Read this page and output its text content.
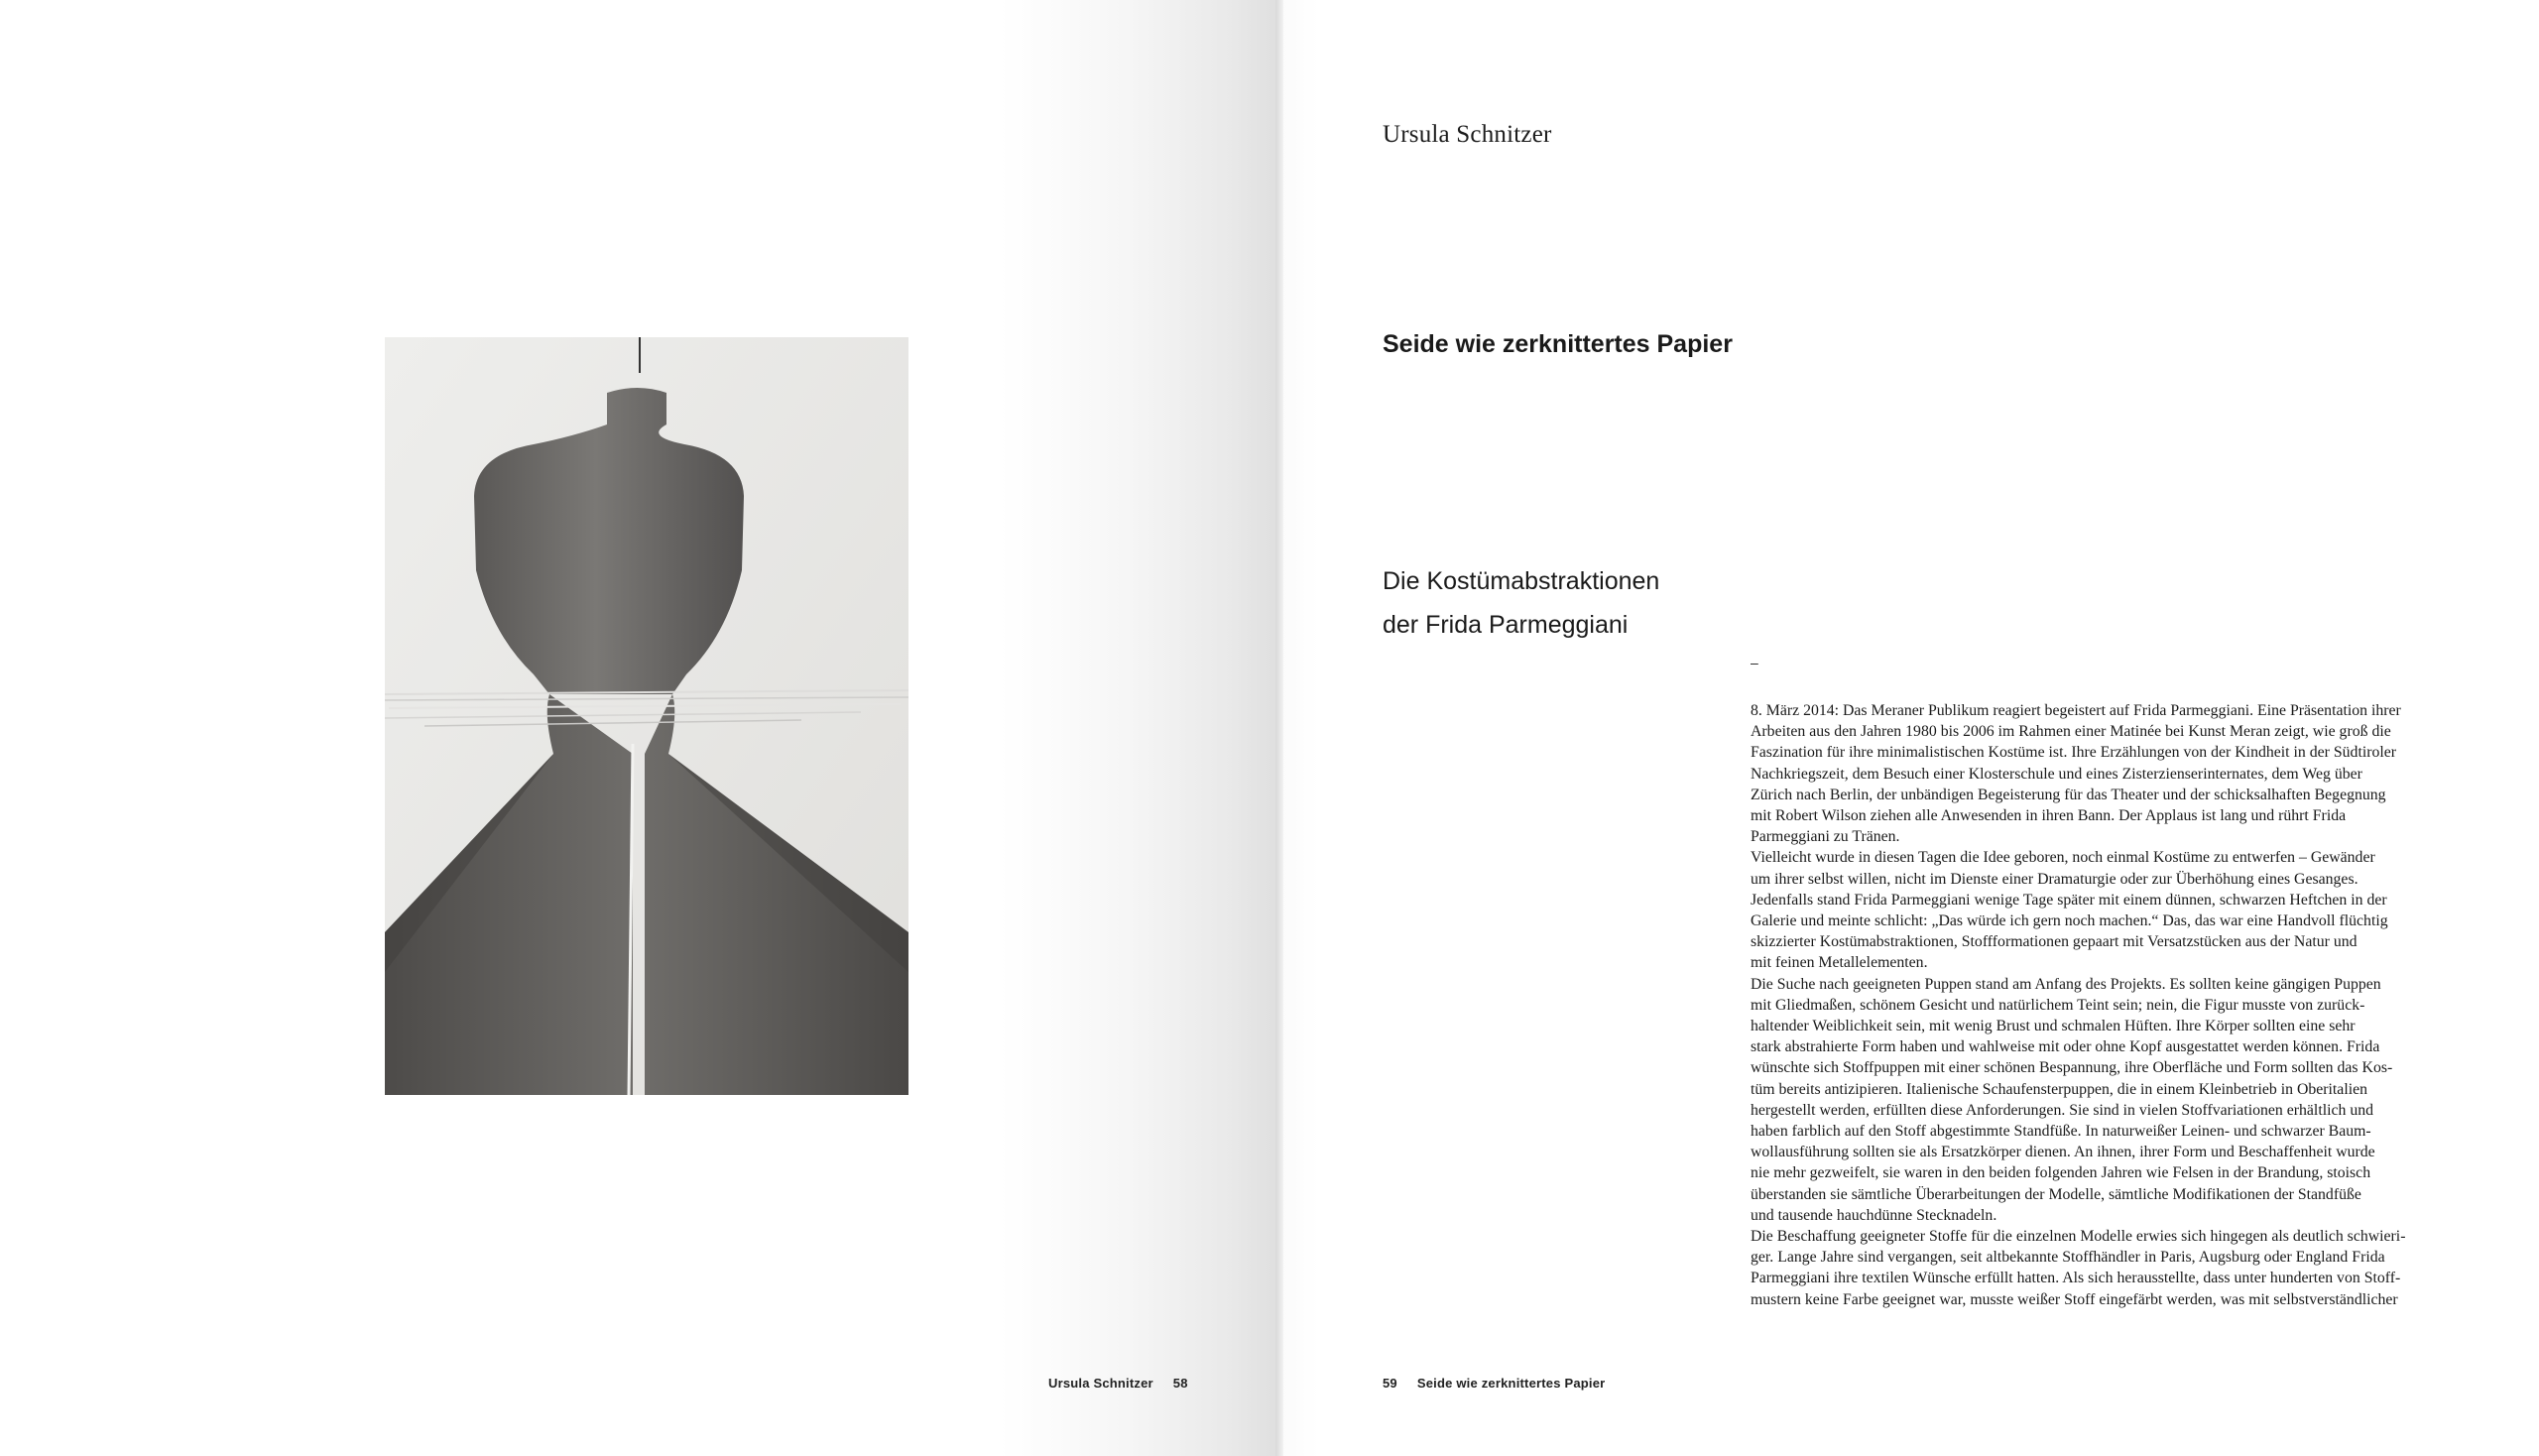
Ursula Schnitzer 58
Ursula Schnitzer
Seide wie zerknittertes Papier
Die Kostümabstraktionen
der Frida Parmeggiani
–
8. März 2014: Das Meraner Publikum reagiert begeistert auf Frida Parmeggiani. Eine Präsentation ihrer
Arbeiten aus den Jahren 1980 bis 2006 im Rahmen einer Matinée bei Kunst Meran zeigt, wie groß die
Faszination für ihre minimalistischen Kostüme ist. Ihre Erzählungen von der Kindheit in der Südtiroler
Nachkriegszeit, dem Besuch einer Klosterschule und eines Zisterzienserinternates, dem Weg über
Zürich nach Berlin, der unbändigen Begeisterung für das Theater und der schicksalhaften Begegnung
mit Robert Wilson ziehen alle Anwesenden in ihren Bann. Der Applaus ist lang und rührt Frida
Parmeggiani zu Tränen.
Vielleicht wurde in diesen Tagen die Idee geboren, noch einmal Kostüme zu entwerfen – Gewänder
um ihrer selbst willen, nicht im Dienste einer Dramaturgie oder zur Überhöhung eines Gesanges.
Jedenfalls stand Frida Parmeggiani wenige Tage später mit einem dünnen, schwarzen Heftchen in der
Galerie und meinte schlicht: „Das würde ich gern noch machen.“ Das, das war eine Handvoll flüchtig
skizzierter Kostümabstraktionen, Stoffformationen gepaart mit Versatzstücken aus der Natur und
mit feinen Metallelementen.
Die Suche nach geeigneten Puppen stand am Anfang des Projekts. Es sollten keine gängigen Puppen
mit Gliedmaßen, schönem Gesicht und natürlichem Teint sein; nein, die Figur musste von zurück-
haltender Weiblichkeit sein, mit wenig Brust und schmalen Hüften. Ihre Körper sollten eine sehr
stark abstrahierte Form haben und wahlweise mit oder ohne Kopf ausgestattet werden können. Frida
wünschte sich Stoffpuppen mit einer schönen Bespannung, ihre Oberfläche und Form sollten das Kos-
tüm bereits antizipieren. Italienische Schaufensterpuppen, die in einem Kleinbetrieb in Oberitalien
hergestellt werden, erfüllten diese Anforderungen. Sie sind in vielen Stoffvariationen erhältlich und
haben farblich auf den Stoff abgestimmte Standfüße. In naturweißer Leinen- und schwarzer Baum-
wollausführung sollten sie als Ersatzkörper dienen. An ihnen, ihrer Form und Beschaffenheit wurde
nie mehr gezweifelt, sie waren in den beiden folgenden Jahren wie Felsen in der Brandung, stoisch
überstanden sie sämtliche Überarbeitungen der Modelle, sämtliche Modifikationen der Standfüße
und tausende hauchdünne Stecknadeln.
Die Beschaffung geeigneter Stoffe für die einzelnen Modelle erwies sich hingegen als deutlich schwieri-
ger. Lange Jahre sind vergangen, seit altbekannte Stoffhändler in Paris, Augsburg oder England Frida
Parmeggiani ihre textilen Wünsche erfüllt hatten. Als sich herausstellte, dass unter hunderten von Stoff-
mustern keine Farbe geeignet war, musste weißer Stoff eingefärbt werden, was mit selbstverständlicher
59 Seide wie zerknittertes Papier
